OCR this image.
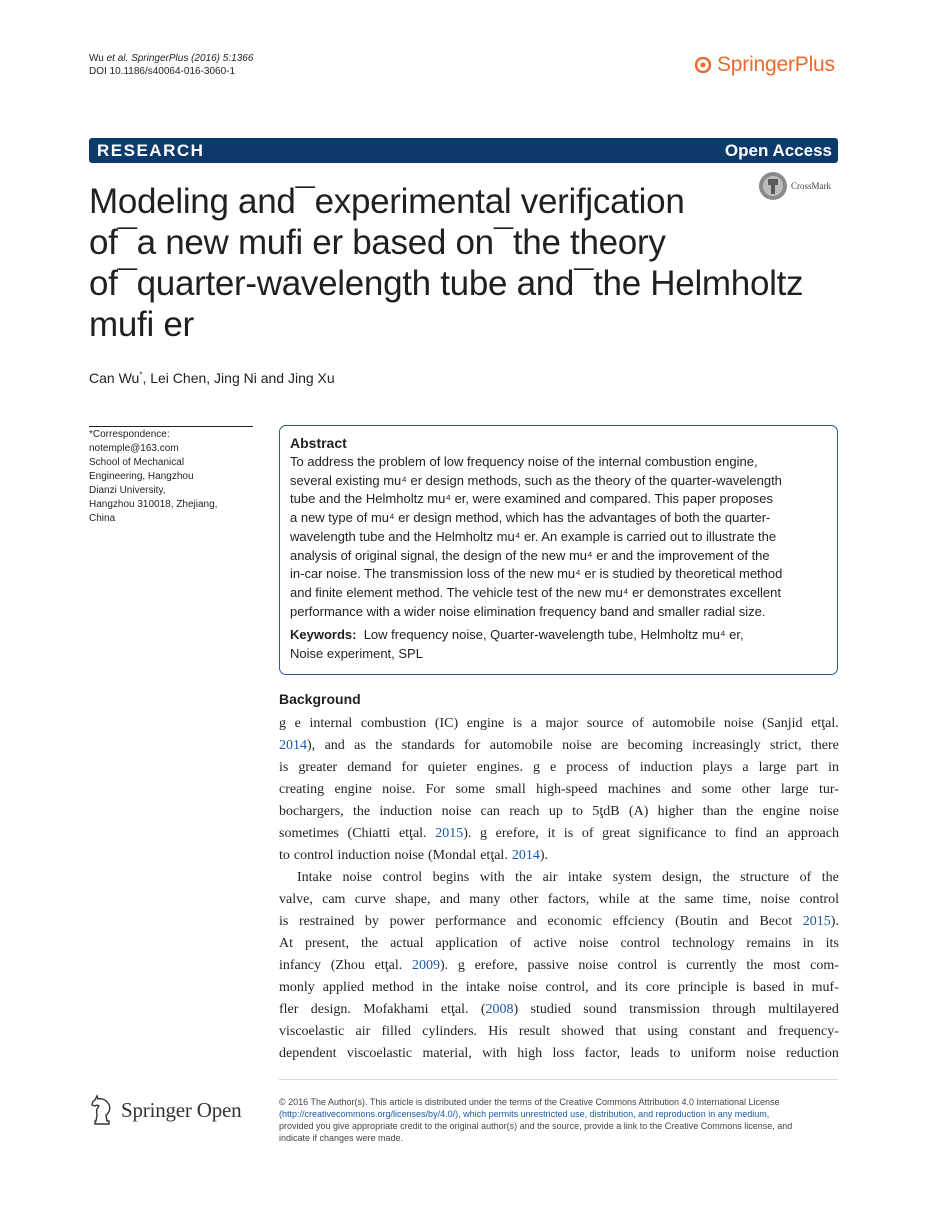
Wu et al. SpringerPlus (2016) 5:1366
DOI 10.1186/s40064-016-3060-1	SpringerPlus
RESEARCH	Open Access
Modeling and¯experimental verifjcation
of¯a new mufi er based on¯the theory
of¯quarter-wavelength tube and¯the Helmholtz
mufi er
CrossMark
Can Wu*, Lei Chen, Jing Ni and Jing Xu
*Correspondence:
notemple@163.com
School of Mechanical
Engineering, Hangzhou
Dianzi University,
Hangzhou 310018, Zhejiang,
China
Abstract
To address the problem of low frequency noise of the internal combustion engine,
several existing mu⁴ er design methods, such as the theory of the quarter-wavelength
tube and the Helmholtz mu⁴ er, were examined and compared. This paper proposes
a new type of mu⁴ er design method, which has the advantages of both the quarter-
wavelength tube and the Helmholtz mu⁴ er. An example is carried out to illustrate the
analysis of original signal, the design of the new mu⁴ er and the improvement of the
in-car noise. The transmission loss of the new mu⁴ er is studied by theoretical method
and finite element method. The vehicle test of the new mu⁴ er demonstrates excellent
performance with a wider noise elimination frequency band and smaller radial size.
Keywords: Low frequency noise, Quarter-wavelength tube, Helmholtz mu⁴ er,
Noise experiment, SPL
Background
g e internal combustion (IC) engine is a major source of automobile noise (Sanjid etţal.
2014), and as the standards for automobile noise are becoming increasingly strict, there
is greater demand for quieter engines. g e process of induction plays a large part in
creating engine noise. For some small high-speed machines and some other large tur-
bochargers, the induction noise can reach up to 5ţdB (A) higher than the engine noise
sometimes (Chiatti etţal. 2015). g erefore, it is of great significance to find an approach
to control induction noise (Mondal etţal. 2014).
Intake noise control begins with the air intake system design, the structure of the
valve, cam curve shape, and many other factors, while at the same time, noise control
is restrained by power performance and economic effciency (Boutin and Becot 2015).
At present, the actual application of active noise control technology remains in its
infancy (Zhou etţal. 2009). g erefore, passive noise control is currently the most com-
monly applied method in the intake noise control, and its core principle is based in muf-
fler design. Mofakhami etţal. (2008) studied sound transmission through multilayered
viscoelastic air filled cylinders. His result showed that using constant and frequency-
dependent viscoelastic material, with high loss factor, leads to uniform noise reduction
Springer Open	© 2016 The Author(s). This article is distributed under the terms of the Creative Commons Attribution 4.0 International License
(http://creativecommons.org/licenses/by/4.0/), which permits unrestricted use, distribution, and reproduction in any medium,
provided you give appropriate credit to the original author(s) and the source, provide a link to the Creative Commons license, and
indicate if changes were made.
